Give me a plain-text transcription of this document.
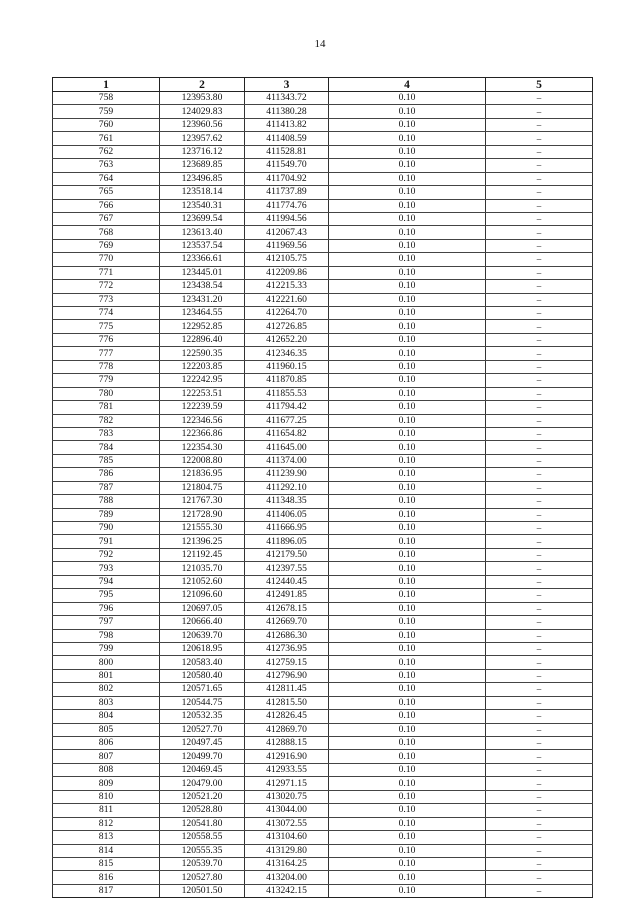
14
1	2	3	4	5
758	123953.80	411343.72	0.10	–
759	124029.83	411380.28	0.10	–
760	123960.56	411413.82	0.10	–
761	123957.62	411408.59	0.10	–
762	123716.12	411528.81	0.10	–
763	123689.85	411549.70	0.10	–
764	123496.85	411704.92	0.10	–
765	123518.14	411737.89	0.10	–
766	123540.31	411774.76	0.10	–
767	123699.54	411994.56	0.10	–
768	123613.40	412067.43	0.10	–
769	123537.54	411969.56	0.10	–
770	123366.61	412105.75	0.10	–
771	123445.01	412209.86	0.10	–
772	123438.54	412215.33	0.10	–
773	123431.20	412221.60	0.10	–
774	123464.55	412264.70	0.10	–
775	122952.85	412726.85	0.10	–
776	122896.40	412652.20	0.10	–
777	122590.35	412346.35	0.10	–
778	122203.85	411960.15	0.10	–
779	122242.95	411870.85	0.10	–
780	122253.51	411855.53	0.10	–
781	122239.59	411794.42	0.10	–
782	122346.56	411677.25	0.10	–
783	122366.86	411654.82	0.10	–
784	122354.30	411645.00	0.10	–
785	122008.80	411374.00	0.10	–
786	121836.95	411239.90	0.10	–
787	121804.75	411292.10	0.10	–
788	121767.30	411348.35	0.10	–
789	121728.90	411406.05	0.10	–
790	121555.30	411666.95	0.10	–
791	121396.25	411896.05	0.10	–
792	121192.45	412179.50	0.10	–
793	121035.70	412397.55	0.10	–
794	121052.60	412440.45	0.10	–
795	121096.60	412491.85	0.10	–
796	120697.05	412678.15	0.10	–
797	120666.40	412669.70	0.10	–
798	120639.70	412686.30	0.10	–
799	120618.95	412736.95	0.10	–
800	120583.40	412759.15	0.10	–
801	120580.40	412796.90	0.10	–
802	120571.65	412811.45	0.10	–
803	120544.75	412815.50	0.10	–
804	120532.35	412826.45	0.10	–
805	120527.70	412869.70	0.10	–
806	120497.45	412888.15	0.10	–
807	120499.70	412916.90	0.10	–
808	120469.45	412933.55	0.10	–
809	120479.00	412971.15	0.10	–
810	120521.20	413020.75	0.10	–
811	120528.80	413044.00	0.10	–
812	120541.80	413072.55	0.10	–
813	120558.55	413104.60	0.10	–
814	120555.35	413129.80	0.10	–
815	120539.70	413164.25	0.10	–
816	120527.80	413204.00	0.10	–
817	120501.50	413242.15	0.10	–
